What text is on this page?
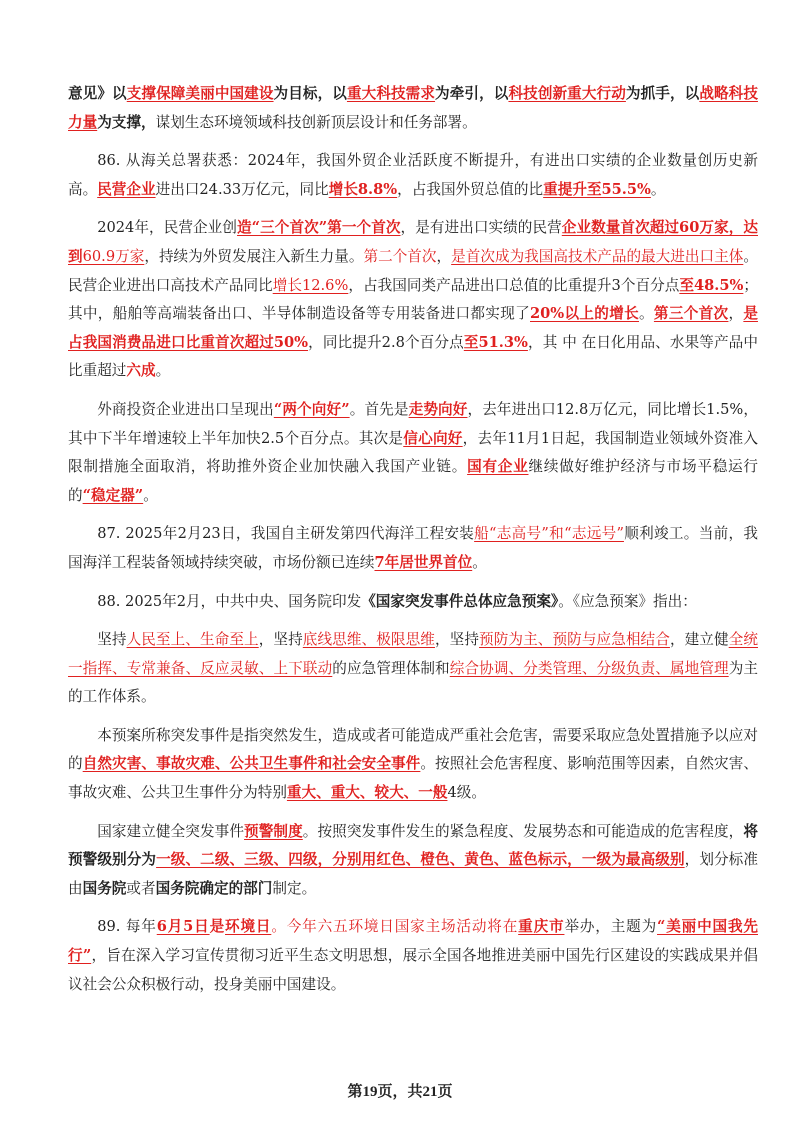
意见》以支撑保障美丽中国建设为目标，以重大科技需求为牵引，以科技创新重大行动为抓手，以战略科技力量为支撑，谋划生态环境领域科技创新顶层设计和任务部署。

86. 从海关总署获悉：2024年，我国外贸企业活跃度不断提升，有进出口实绩的企业数量创历史新高。民营企业进出口24.33万亿元，同比增长8.8%，占我国外贸总值的比重提升至55.5%。

2024年，民营企业创造“三个首次”第一个首次，是有进出口实绩的民营企业数量首次超过60万家，达到60.9万家，持续为外贸发展注入新生力量。第二个首次，是首次成为我国高技术产品的最大进出口主体。民营企业进出口高技术产品同比增长12.6%，占我国同类产品进出口总值的比重提升3个百分点至48.5%；其中，船舶等高端装备出口、半导体制造设备等专用装备进口都实现了20%以上的增长。第三个首次，是占我国消费品进口比重首次超过50%，同比提升2.8个百分点至51.3%，其 中 在日化用品、水果等产品中比重超过六成。

外商投资企业进出口呈现出“两个向好”。首先是走势向好，去年进出口12.8万亿元，同比增长1.5%，其中下半年增速较上半年加快2.5个百分点。其次是信心向好，去年11月1日起，我国制造业领域外资准入限制措施全面取消，将助推外资企业加快融入我国产业链。国有企业继续做好维护经济与市场平稳运行的“稳定器”。

87. 2025年2月23日，我国自主研发第四代海洋工程安装船“志高号”和“志远号”顺利竣工。当前，我国海洋工程装备领域持续突破，市场份额已连续7年居世界首位。

88. 2025年2月，中共中央、国务院印发《国家突发事件总体应急预案》。《应急预案》指出：

坚持人民至上、生命至上，坚持底线思维、极限思维，坚持预防为主、预防与应急相结合，建立健全统一指挥、专常兼备、反应灵敏、上下联动的应急管理体制和综合协调、分类管理、分级负责、属地管理为主的工作体系。

本预案所称突发事件是指突然发生，造成或者可能造成严重社会危害，需要采取应急处置措施予以应对的自然灾害、事故灾难、公共卫生事件和社会安全事件。按照社会危害程度、影响范围等因素，自然灾害、事故灾难、公共卫生事件分为特别重大、重大、较大、一般4级。

国家建立健全突发事件预警制度。按照突发事件发生的紧急程度、发展势态和可能造成的危害程度，将预警级别分为一级、二级、三级、四级，分别用红色、橙色、黄色、蓝色标示，一级为最高级别，划分标准由国务院或者国务院确定的部门制定。

89. 每年6月5日是环境日。今年六五环境日国家主场活动将在重庆市举办，主题为“美丽中国我先行”，旨在深入学习宣传贯彻习近平生态文明思想，展示全国各地推进美丽中国先行区建设的实践成果并倡议社会公众积极行动，投身美丽中国建设。

第19页，共21页
